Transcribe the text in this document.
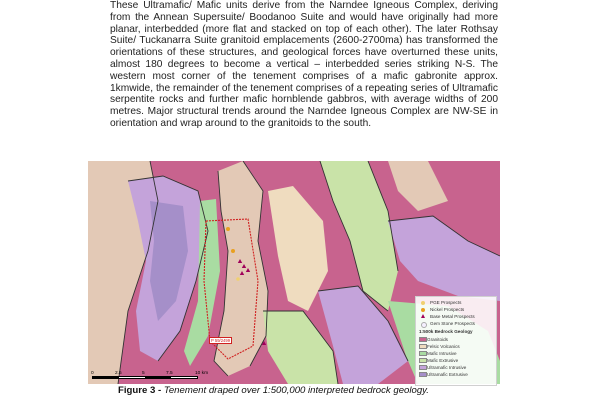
These Ultramafic/ Mafic units derive from the Narndee Igneous Complex, deriving from the Annean Supersuite/ Boodanoo Suite and would have originally had more planar, interbedded (more flat and stacked on top of each other). The later Rothsay Suite/ Tuckanarra Suite granitoid emplacements (2600-2700ma) has transformed the orientations of these structures, and geological forces have overturned these units, almost 180 degrees to become a vertical – interbedded series striking N-S. The western most corner of the tenement comprises of a mafic gabronite approx. 1kmwide, the remainder of the tenement comprises of a repeating series of Ultramafic serpentite rocks and further mafic hornblende gabbros, with average widths of 200 metres. Major structural trends around the Narndee Igneous Complex are NW-SE in orientation and wrap around to the granitoids to the south.

P 59/2499
PGE Prospects
Nickel Prospects
Base Metal Prospects
Gem Stone Prospects
1:500k Bedrock Geology
Granitoids
Felsic Volcanics
Mafic Intrusive
Mafic Extrusive
Ultramafic Intrusive
Ultramafic Extrusive
0	2.5	5	7.5	10 km
Figure 3 - Tenement draped over 1:500,000 interpreted bedrock geology.
